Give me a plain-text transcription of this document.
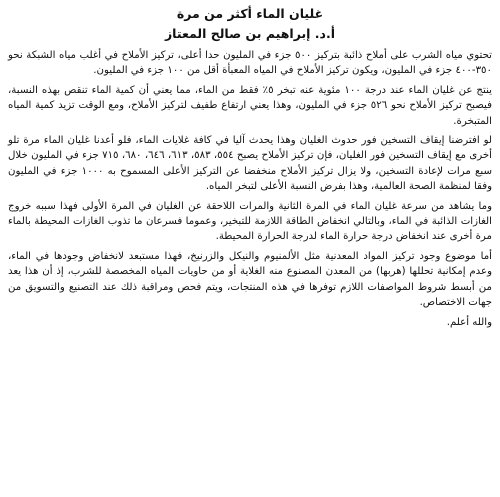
غليان الماء أكثر من مرة
أ.د. إبراهيم بن صالح المعتاز

تحتوي مياه الشرب على أملاح ذائبة بتركيز ٥٠٠ جزء في المليون حدا أعلى، تركيز الأملاح في أغلب مياه الشبكة نحو ٣٥٠-٤٠٠ جزء في المليون، ويكون تركيز الأملاح في المياه المعبأة أقل من ١٠٠ جزء في المليون.

ينتج عن غليان الماء عند درجة ١٠٠ مئوية عنه تبخر ٥٪ فقط من الماء، مما يعني أن كمية الماء تنقص بهذه النسبة، فيصبح تركيز الأملاح نحو ٥٢٦ جزء في المليون، وهذا يعني ارتفاع طفيف لتركيز الأملاح، ومع الوقت تزيد كمية المياه المتبخرة.

لو افترضنا إيقاف التسخين فور حدوث الغليان وهذا يحدث آليا في كافة غلايات الماء، فلو أعدنا غليان الماء مرة تلو أخرى مع إيقاف التسخين فور الغليان، فإن تركيز الأملاح يصبح ٥٥٤، ٥٨٣، ٦١٣، ٦٤٦، ٦٨٠، ٧١٥ جزء في المليون خلال سبع مرات لإعادة التسخين، ولا يزال تركيز الأملاح منخفضا عن التركيز الأعلى المسموح به ١٠٠٠ جزء في المليون وفقا لمنظمة الصحة العالمية، وهذا بفرض النسبة الأعلى لتبخر المياه.

وما يشاهد من سرعة غليان الماء في المرة الثانية والمرات اللاحقة عن الغليان في المرة الأولى فهذا سببه خروج الغازات الذائبة في الماء، وبالتالي انخفاض الطاقة اللازمة للتبخير، وعموما فسرعان ما تذوب الغازات المحيطة بالماء مرة أخرى عند انخفاض درجة حرارة الماء لدرجة الحرارة المحيطة.

أما موضوع وجود تركيز المواد المعدنية مثل الألمنيوم والنيكل والزرنيخ، فهذا مستبعد لانخفاض وجودها في الماء، وعدم إمكانية تحللها (هربها) من المعدن المصنوع منه الغلاية أو من حاويات المياه المخصصة للشرب، إذ أن هذا يعد من أبسط شروط المواصفات اللازم توفرها في هذه المنتجات، ويتم فحص ومراقبة ذلك عند التصنيع والتسويق من جهات الاختصاص.

والله أعلم.
